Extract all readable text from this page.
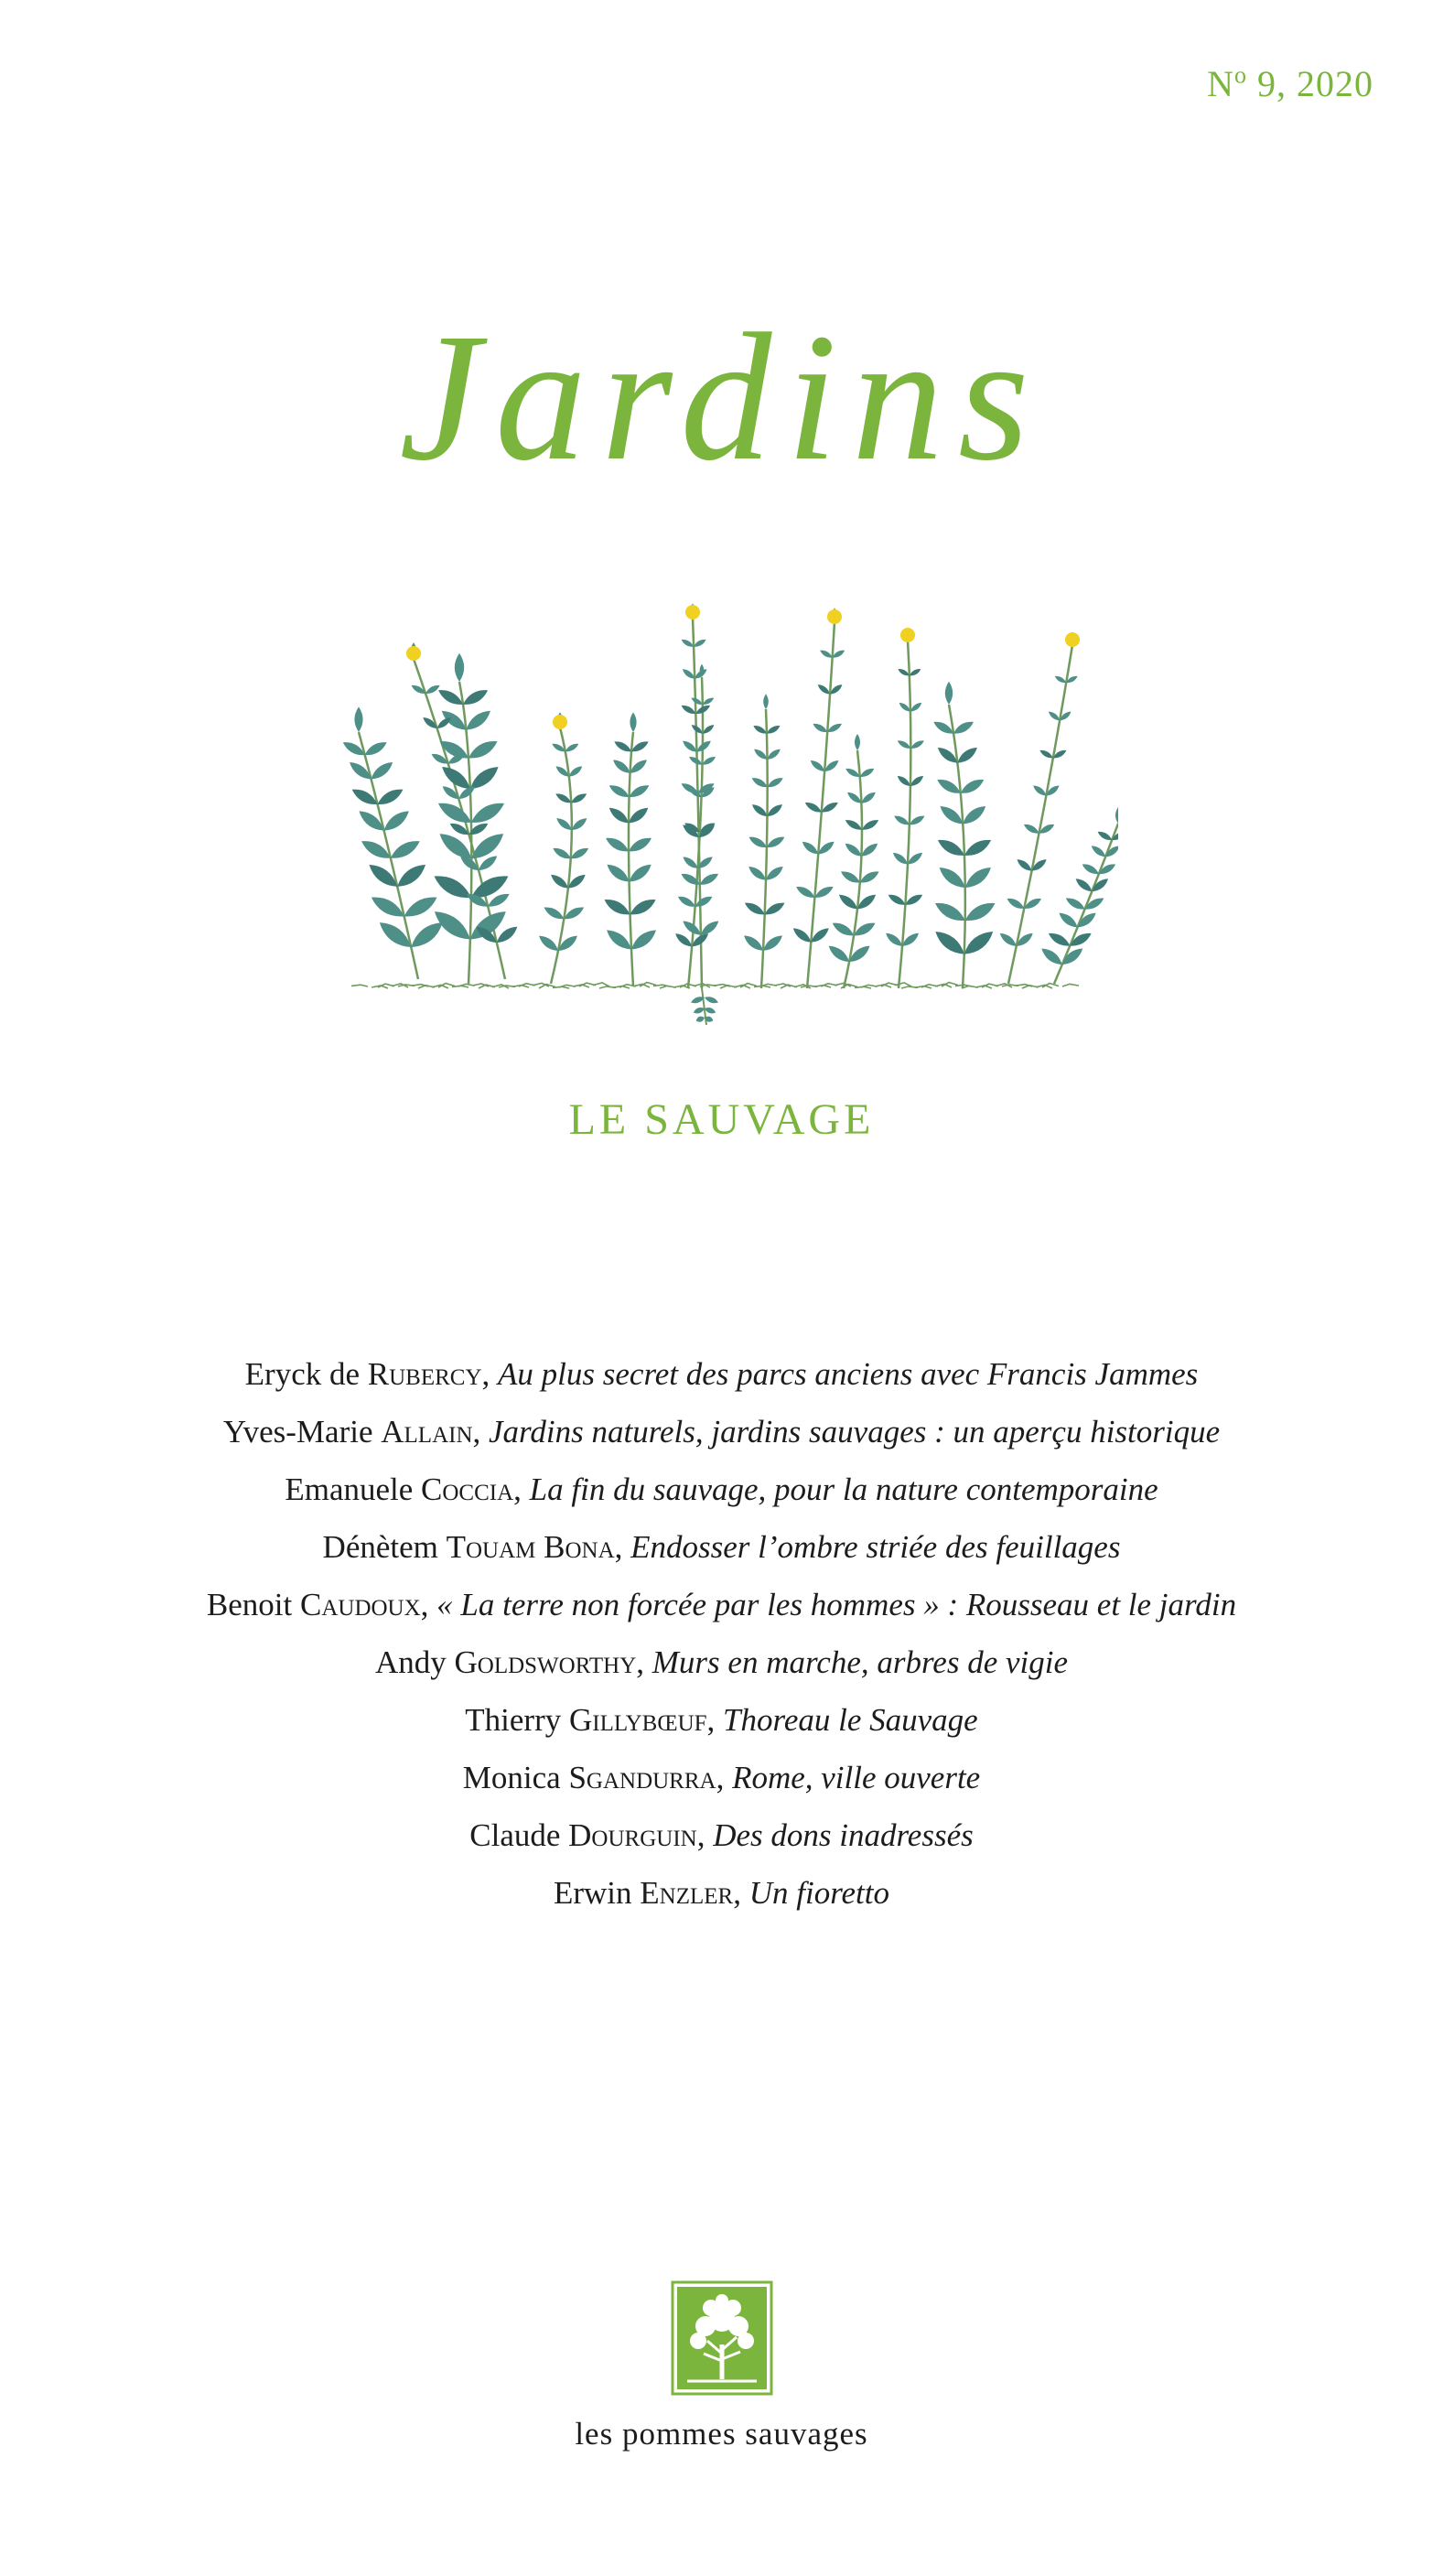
$N^o$ 9, 2020
Jardins
LE SAUVAGE
Eryck de Rubercy, Au plus secret des parcs anciens avec Francis Jammes
Yves-Marie Allain, Jardins naturels, jardins sauvages : un aperçu historique
Emanuele Coccia, La fin du sauvage, pour la nature contemporaine
Dénètem Touam Bona, Endosser l’ombre striée des feuillages
Benoit Caudoux, « La terre non forcée par les hommes » : Rousseau et le jardin
Andy Goldsworthy, Murs en marche, arbres de vigie
Thierry Gillybœuf, Thoreau le Sauvage
Monica Sgandurra, Rome, ville ouverte
Claude Dourguin, Des dons inadressés
Erwin Enzler, Un fioretto
les pommes sauvages
